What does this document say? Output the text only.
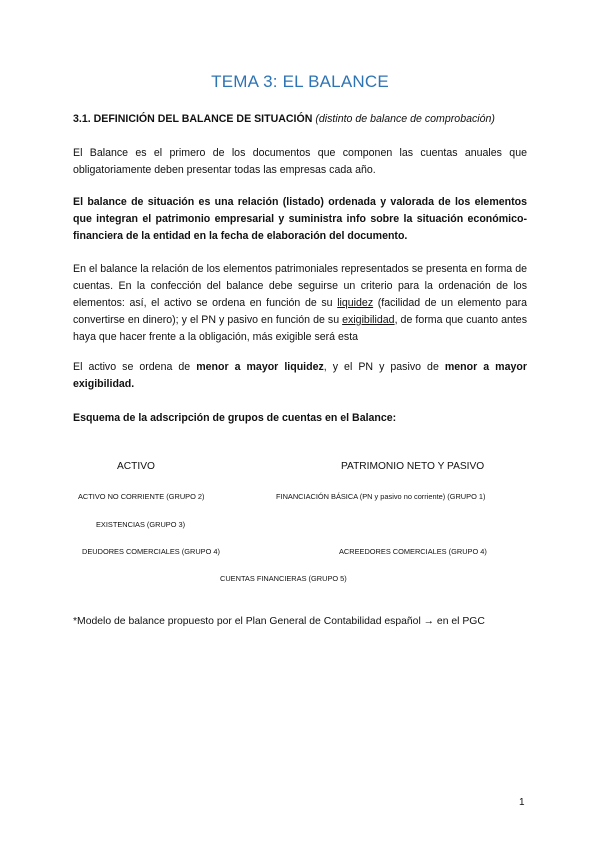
TEMA 3: EL BALANCE
3.1. DEFINICIÓN DEL BALANCE DE SITUACIÓN (distinto de balance de comprobación)
El Balance es el primero de los documentos que componen las cuentas anuales que obligatoriamente deben presentar todas las empresas cada año.
El balance de situación es una relación (listado) ordenada y valorada de los elementos que integran el patrimonio empresarial y suministra info sobre la situación económico-financiera de la entidad en la fecha de elaboración del documento.
En el balance la relación de los elementos patrimoniales representados se presenta en forma de cuentas. En la confección del balance debe seguirse un criterio para la ordenación de los elementos: así, el activo se ordena en función de su liquidez (facilidad de un elemento para convertirse en dinero); y el PN y pasivo en función de su exigibilidad, de forma que cuanto antes haya que hacer frente a la obligación, más exigible será esta
El activo se ordena de menor a mayor liquidez, y el PN y pasivo de menor a mayor exigibilidad.
Esquema de la adscripción de grupos de cuentas en el Balance:
ACTIVO	PATRIMONIO NETO Y PASIVO
ACTIVO NO CORRIENTE (GRUPO 2)	FINANCIACIÓN BÁSICA (PN y pasivo no corriente) (GRUPO 1)
EXISTENCIAS (GRUPO 3)
DEUDORES COMERCIALES (GRUPO 4)	ACREEDORES COMERCIALES (GRUPO 4)
CUENTAS FINANCIERAS (GRUPO 5)
*Modelo de balance propuesto por el Plan General de Contabilidad español → en el PGC
1
